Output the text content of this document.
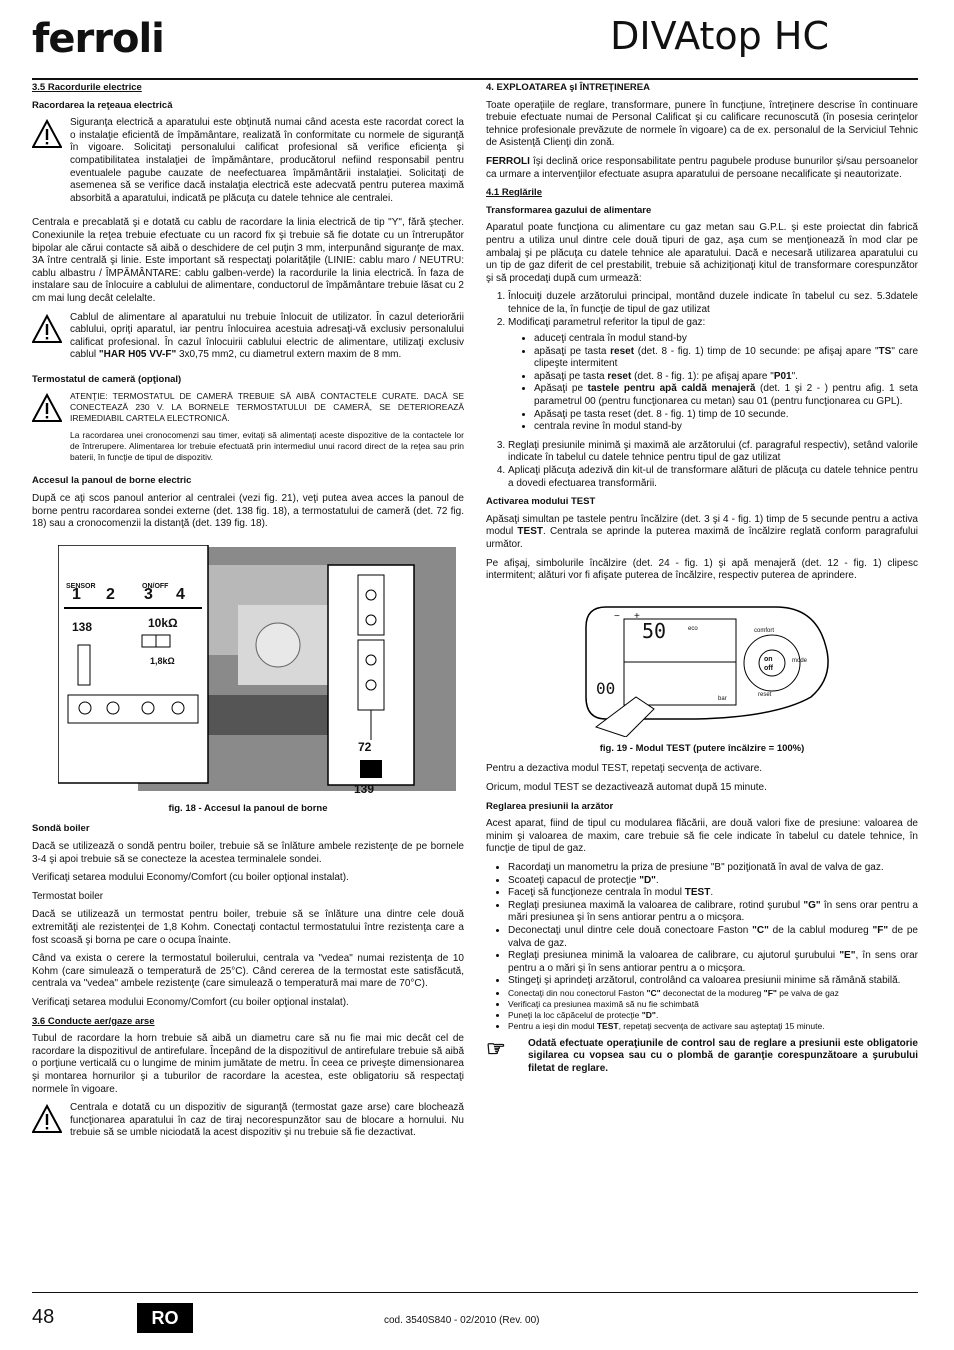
ferroli	DIVAtop HC
3.5 Racordurile electrice
Racordarea la reţeaua electrică

Siguranţa electrică a aparatului este obţinută numai când acesta este racordat corect la o instalaţie eficientă de împământare, realizată în conformitate cu normele de siguranţă în vigoare. Solicitaţi personalului calificat profesional să verifice eficienţa şi compatibilitatea instalaţiei de împământare, producătorul nefiind responsabil pentru eventualele pagube cauzate de neefectuarea împământării instalaţiei. Solicitaţi de asemenea să se verifice dacă instalaţia electrică este adecvată pentru puterea maximă absorbită a aparatului, indicată pe plăcuţa cu datele tehnice ale centralei.

Centrala e precablată şi e dotată cu cablu de racordare la linia electrică de tip "Y", fără ştecher. Conexiunile la reţea trebuie efectuate cu un racord fix şi trebuie să fie dotate cu un întrerupător bipolar ale cărui contacte să aibă o deschidere de cel puţin 3 mm, interpunând siguranţe de max. 3A între centrală şi linie. Este important să respectaţi polarităţile (LINIE: cablu maro / NEUTRU: cablu albastru / ÎMPĂMÂNTARE: cablu galben-verde) la racordurile la linia electrică. În faza de instalare sau de înlocuire a cablului de alimentare, conductorul de împământare trebuie lăsat cu 2 cm mai lung decât celelalte.

Cablul de alimentare al aparatului nu trebuie înlocuit de utilizator. În cazul deteriorării cablului, opriţi aparatul, iar pentru înlocuirea acestuia adresaţi-vă exclusiv personalului calificat profesional. În cazul înlocuirii cablului electric de alimentare, utilizaţi exclusiv cablul "HAR H05 VV-F" 3x0,75 mm2, cu diametrul extern maxim de 8 mm.

Termostatul de cameră (opţional)

ATENŢIE: TERMOSTATUL DE CAMERĂ TREBUIE SĂ AIBĂ CONTACTELE CURATE. DACĂ SE CONECTEAZĂ 230 V. LA BORNELE TERMOSTATULUI DE CAMERĂ, SE DETERIOREAZĂ IREMEDIABIL CARTELA ELECTRONICĂ.

La racordarea unei cronocomenzi sau timer, evitaţi să alimentaţi aceste dispozitive de la contactele lor de întrerupere. Alimentarea lor trebuie efectuată prin intermediul unui racord direct de la reţea sau prin baterii, în funcţie de tipul de dispozitiv.

Accesul la panoul de borne electric

După ce aţi scos panoul anterior al centralei (vezi fig. 21), veţi putea avea acces la panoul de borne pentru racordarea sondei externe (det. 138 fig. 18), a termostatului de cameră (det. 72 fig. 18) sau a cronocomenzii la distanţă (det. 139 fig. 18).

SENSOR	ON/OFF
1 2 3 4
138	10kΩ
1,8kΩ
72
139
fig. 18 - Accesul la panoul de borne
Sondă boiler

Dacă se utilizează o sondă pentru boiler, trebuie să se înlăture ambele rezistenţe de pe bornele 3-4 şi apoi trebuie să se conecteze la acestea terminalele sondei.

Verificaţi setarea modului Economy/Comfort (cu boiler opţional instalat).

Termostat boiler

Dacă se utilizează un termostat pentru boiler, trebuie să se înlăture una dintre cele două extremităţi ale rezistenţei de 1,8 Kohm. Conectaţi contactul termostatului între rezistenţa care a fost scoasă şi borna pe care o ocupa înainte.

Când va exista o cerere la termostatul boilerului, centrala va "vedea" numai rezistenţa de 10 Kohm (care simulează o temperatură de 25°C). Când cererea de la termostat este satisfăcută, centrala va "vedea" ambele rezistenţe (care simulează o temperatură mai mare de 70°C).

Verificaţi setarea modului Economy/Comfort (cu boiler opţional instalat).

3.6 Conducte aer/gaze arse

Tubul de racordare la horn trebuie să aibă un diametru care să nu fie mai mic decât cel de racordare la dispozitivul de antirefulare. Începând de la dispozitivul de antirefulare trebuie să aibă o porţiune verticală cu o lungime de minim jumătate de metru. În ceea ce priveşte dimensionarea şi montarea hornurilor şi a tuburilor de racordare la acestea, este obligatoriu să respectaţi normele în vigoare.

Centrala e dotată cu un dispozitiv de siguranţă (termostat gaze arse) care blochează funcţionarea aparatului în caz de tiraj necorespunzător sau de blocare a hornului. Nu trebuie să se umble niciodată la acest dispozitiv şi nu trebuie să fie dezactivat.

4. EXPLOATAREA şI ÎNTREŢINEREA

Toate operaţiile de reglare, transformare, punere în funcţiune, întreţinere descrise în continuare trebuie efectuate numai de Personal Calificat şi cu calificare recunoscută (în posesia cerinţelor tehnice profesionale prevăzute de normele în vigoare) ca de ex. personalul de la Serviciul Tehnic de Asistenţă Clienţi din zonă.

FERROLI îşi declină orice responsabilitate pentru pagubele produse bunurilor şi/sau persoanelor ca urmare a intervenţiilor efectuate asupra aparatului de persoane necalificate şi neautorizate.

4.1 Reglările
Transformarea gazului de alimentare

Aparatul poate funcţiona cu alimentare cu gaz metan sau G.P.L. şi este proiectat din fabrică pentru a utiliza unul dintre cele două tipuri de gaz, aşa cum se menţionează în mod clar pe ambalaj şi pe plăcuţa cu datele tehnice ale aparatului. Dacă e necesară utilizarea aparatului cu un tip de gaz diferit de cel prestabilit, trebuie să achiziţionaţi kitul de transformare corespunzător şi să procedaţi după cum urmează:

1. Înlocuiţi duzele arzătorului principal, montând duzele indicate în tabelul cu sez. 5.3datele tehnice de la, în funcţie de tipul de gaz utilizat
2. Modificaţi parametrul referitor la tipul de gaz:
• aduceţi centrala în modul stand-by
• apăsaţi pe tasta reset (det. 8 - fig. 1) timp de 10 secunde: pe afişaj apare "TS" care clipeşte intermitent
• apăsaţi pe tasta reset (det. 8 - fig. 1): pe afişaj apare "P01".
• Apăsaţi pe tastele pentru apă caldă menajeră (det. 1 şi 2 - ) pentru afig. 1 seta parametrul 00 (pentru funcţionarea cu metan) sau 01 (pentru funcţionarea cu GPL).
• Apăsaţi pe tasta reset (det. 8 - fig. 1) timp de 10 secunde.
• centrala revine în modul stand-by
3. Reglaţi presiunile minimă şi maximă ale arzătorului (cf. paragraful respectiv), setând valorile indicate în tabelul cu datele tehnice pentru tipul de gaz utilizat
4. Aplicaţi plăcuţa adezivă din kit-ul de transformare alături de plăcuţa cu datele tehnice pentru a dovedi efectuarea transformării.
Activarea modului TEST

Apăsaţi simultan pe tastele pentru încălzire (det. 3 şi 4 - fig. 1) timp de 5 secunde pentru a activa modul TEST. Centrala se aprinde la puterea maximă de încălzire reglată conform paragrafului următor.

Pe afişaj, simbolurile încălzire (det. 24 - fig. 1) şi apă menajeră (det. 12 - fig. 1) clipesc intermitent; alături vor fi afişate puterea de încălzire, respectiv puterea de aprindere.

− +
50
00
eco	comfort
on
off
reset
mode
bar
fig. 19 - Modul TEST (putere încălzire = 100%)

Pentru a dezactiva modul TEST, repetaţi secvenţa de activare.

Oricum, modul TEST se dezactivează automat după 15 minute.

Reglarea presiunii la arzător

Acest aparat, fiind de tipul cu modularea flăcării, are două valori fixe de presiune: valoarea de minim şi valoarea de maxim, care trebuie să fie cele indicate în tabelul cu datele tehnice, în funcţie de tipul de gaz.

• Racordaţi un manometru la priza de presiune "B" poziţionată în aval de valva de gaz.
• Scoateţi capacul de protecţie "D".
• Faceţi să funcţioneze centrala în modul TEST.
• Reglaţi presiunea maximă la valoarea de calibrare, rotind şurubul "G" în sens orar pentru a mări presiunea şi în sens antiorar pentru a o micşora.
• Deconectaţi unul dintre cele două conectoare Faston "C" de la cablul modureg "F" de pe valva de gaz.
• Reglaţi presiunea minimă la valoarea de calibrare, cu ajutorul şurubului "E", în sens orar pentru a o mări şi în sens antiorar pentru a o micşora.
• Stingeţi şi aprindeţi arzătorul, controlând ca valoarea presiunii minime să rămână stabilă.
• Conectaţi din nou conectorul Faston "C" deconectat de la modureg "F" pe valva de gaz
• Verificaţi ca presiunea maximă să nu fie schimbată
• Puneţi la loc căpăcelul de protecţie "D".
• Pentru a ieşi din modul TEST, repetaţi secvenţa de activare sau aşteptaţi 15 minute.
☞	Odată efectuate operaţiunile de control sau de reglare a presiunii este obligatorie sigilarea cu vopsea sau cu o plombă de garanţie corespunzătoare a şurubului filetat de reglare.

48	RO	cod. 3540S840 - 02/2010 (Rev. 00)
